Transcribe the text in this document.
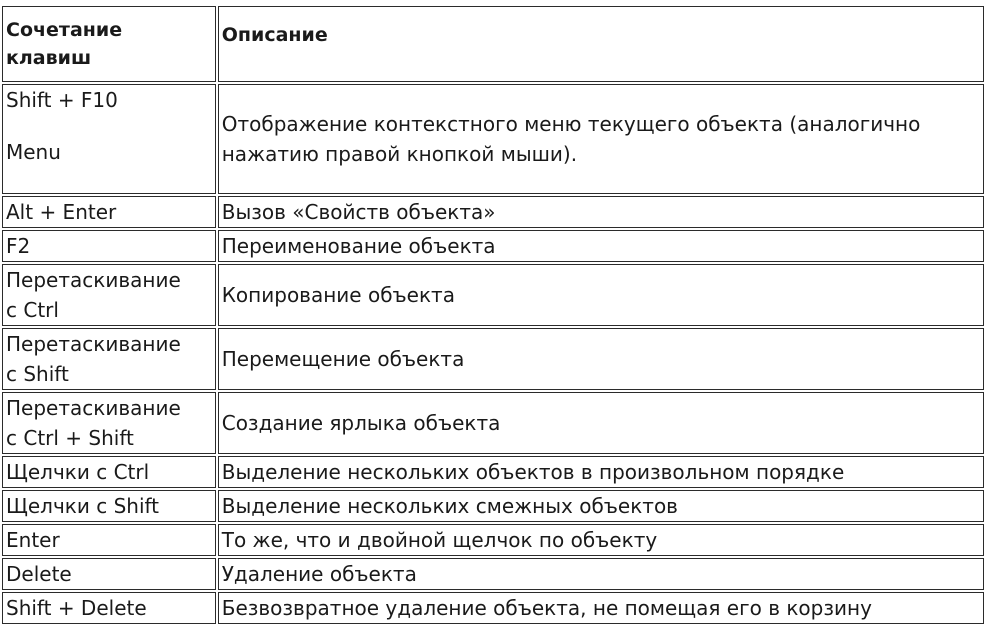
Сочетание
клавиш	Описание
Shift + F10
Menu	Отображение контекстного меню текущего объекта (аналогично нажатию правой кнопкой мыши).
Alt + Enter	Вызов «Свойств объекта»
F2	Переименование объекта
Перетаскивание
с Ctrl	Копирование объекта
Перетаскивание
с Shift	Перемещение объекта
Перетаскивание
с Ctrl + Shift	Создание ярлыка объекта
Щелчки с Ctrl	Выделение нескольких объектов в произвольном порядке
Щелчки с Shift	Выделение нескольких смежных объектов
Enter	То же, что и двойной щелчок по объекту
Delete	Удаление объекта
Shift + Delete	Безвозвратное удаление объекта, не помещая его в корзину
